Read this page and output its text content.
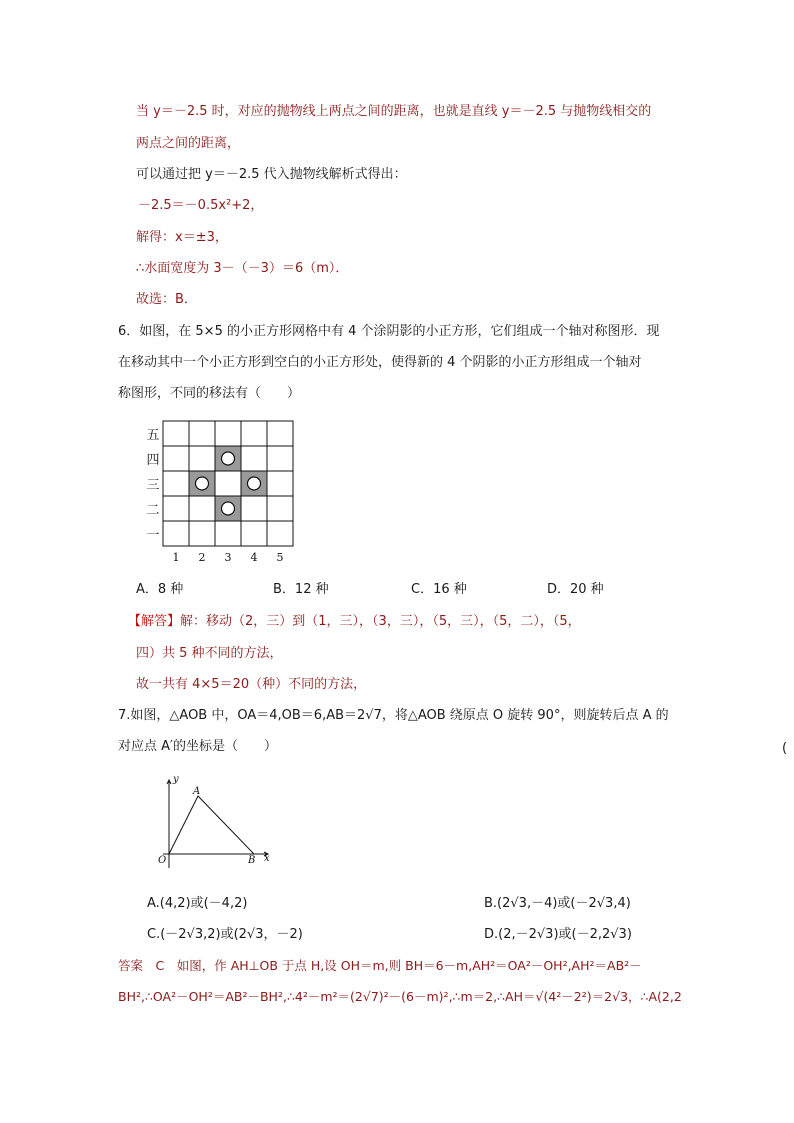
当 y＝－2.5 时，对应的抛物线上两点之间的距离，也就是直线 y＝－2.5 与抛物线相交的
两点之间的距离，
可以通过把 y＝－2.5 代入抛物线解析式得出：
－2.5＝－0.5x²+2，
解得：x＝±3，
∴水面宽度为 3－（－3）＝6（m）．
故选：B．
6．如图，在 5×5 的小正方形网格中有 4 个涂阴影的小正方形，它们组成一个轴对称图形．现
在移动其中一个小正方形到空白的小正方形处，使得新的 4 个阴影的小正方形组成一个轴对
称图形，不同的移法有（　　）
五
四
三
二
一
1 2 3 4 5
A．8 种	B．12 种	C．16 种	D．20 种
【解答】解：移动（2，三）到（1，三），（3，三），（5，三），（5，二），（5，
四）共 5 种不同的方法，
故一共有 4×5＝20（种）不同的方法，
7.如图，△AOB 中，OA＝4,OB＝6,AB＝2√7，将△AOB 绕原点 O 旋转 90°，则旋转后点 A 的
对应点 A′的坐标是（　　）	(
y
x
A
O	B
A.(4,2)或(－4,2)	B.(2√3,－4)或(－2√3,4)
C.(－2√3,2)或(2√3，－2)	D.(2,－2√3)或(－2,2√3)
答案　C　如图，作 AH⊥OB 于点 H,设 OH＝m,则 BH＝6－m,AH²＝OA²－OH²,AH²＝AB²－
BH²,∴OA²－OH²＝AB²－BH²,∴4²－m²＝(2√7)²－(6－m)²,∴m＝2,∴AH＝√(4²－2²)＝2√3，∴A(2,2
